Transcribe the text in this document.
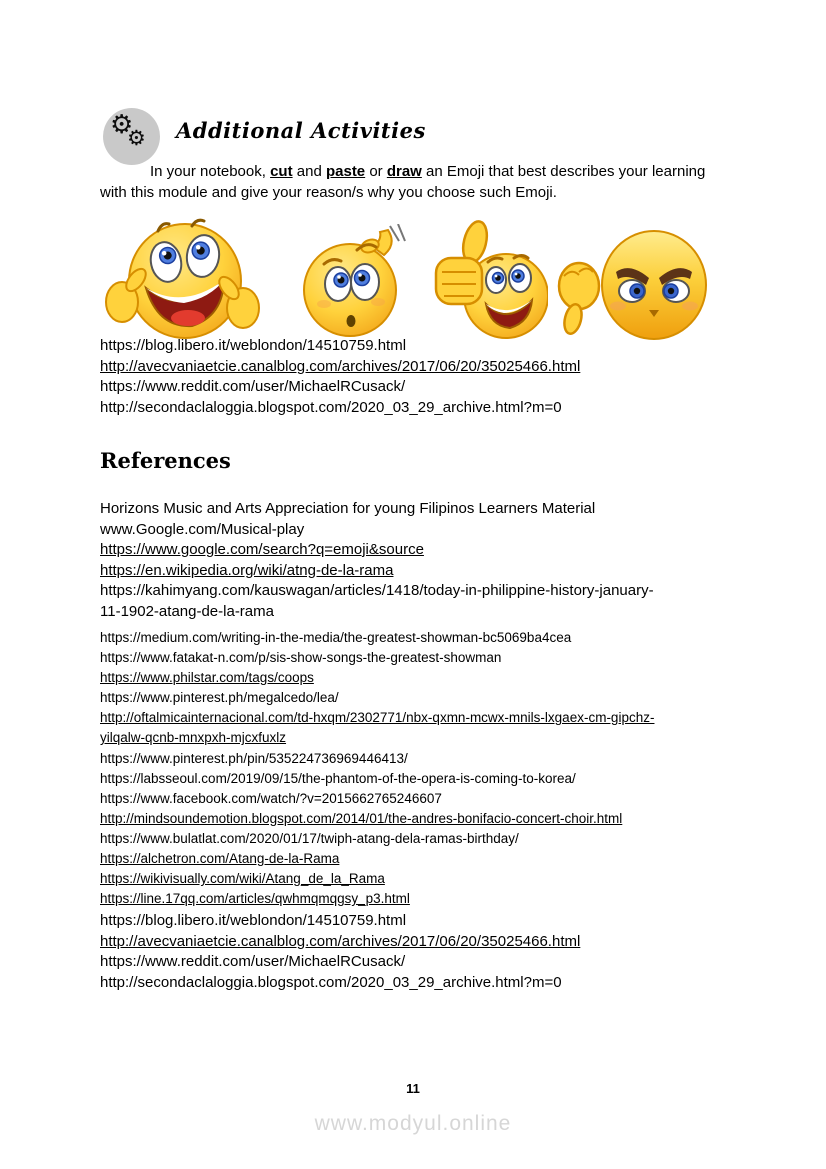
⚙
⚙ Additional Activities
In your notebook, cut and paste or draw an Emoji that best describes your learning with this module and give your reason/s why you choose such Emoji.
https://blog.libero.it/weblondon/14510759.html
http://avecvaniaetcie.canalblog.com/archives/2017/06/20/35025466.html
https://www.reddit.com/user/MichaelRCusack/
http://secondaclaloggia.blogspot.com/2020_03_29_archive.html?m=0
References
Horizons Music and Arts Appreciation for young Filipinos Learners Material
www.Google.com/Musical-play
https://www.google.com/search?q=emoji&source
https://en.wikipedia.org/wiki/atng-de-la-rama
https://kahimyang.com/kauswagan/articles/1418/today-in-philippine-history-january-
11-1902-atang-de-la-rama
https://medium.com/writing-in-the-media/the-greatest-showman-bc5069ba4cea
https://www.fatakat-n.com/p/sis-show-songs-the-greatest-showman
https://www.philstar.com/tags/coops
https://www.pinterest.ph/megalcedo/lea/
http://oftalmicainternacional.com/td-hxqm/2302771/nbx-qxmn-mcwx-mnils-lxgaex-cm-gipchz-
yilqalw-qcnb-mnxpxh-mjcxfuxlz
https://www.pinterest.ph/pin/535224736969446413/
https://labsseoul.com/2019/09/15/the-phantom-of-the-opera-is-coming-to-korea/
https://www.facebook.com/watch/?v=2015662765246607
http://mindsoundemotion.blogspot.com/2014/01/the-andres-bonifacio-concert-choir.html
https://www.bulatlat.com/2020/01/17/twiph-atang-dela-ramas-birthday/
https://alchetron.com/Atang-de-la-Rama
https://wikivisually.com/wiki/Atang_de_la_Rama
https://line.17qq.com/articles/qwhmqmqgsy_p3.html
https://blog.libero.it/weblondon/14510759.html
http://avecvaniaetcie.canalblog.com/archives/2017/06/20/35025466.html
https://www.reddit.com/user/MichaelRCusack/
http://secondaclaloggia.blogspot.com/2020_03_29_archive.html?m=0
11
www.modyul.online
